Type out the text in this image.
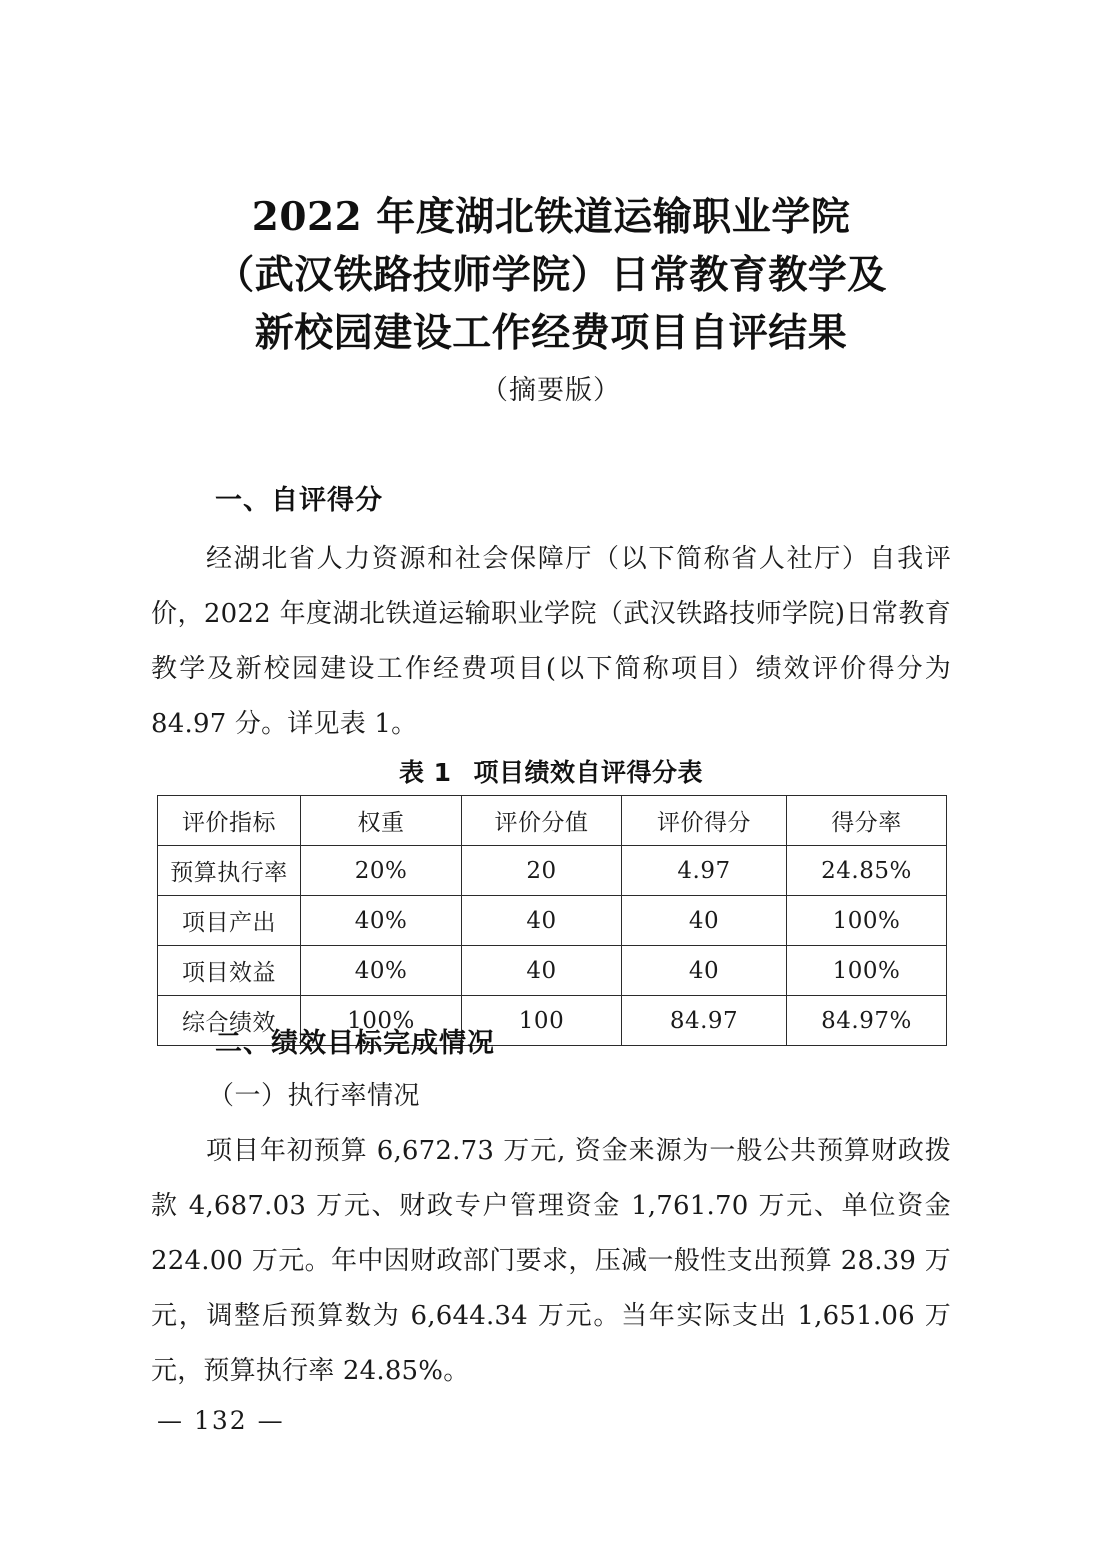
2022 年度湖北铁道运输职业学院
（武汉铁路技师学院）日常教育教学及
新校园建设工作经费项目自评结果
（摘要版）
一、自评得分
经湖北省人力资源和社会保障厅（以下简称省人社厅）自我评价，2022 年度湖北铁道运输职业学院（武汉铁路技师学院)日常教育教学及新校园建设工作经费项目(以下简称项目）绩效评价得分为 84.97 分。详见表 1。
表 1 项目绩效自评得分表
评价指标	权重	评价分值	评价得分	得分率
预算执行率	20%	20	4.97	24.85%
项目产出	40%	40	40	100%
项目效益	40%	40	40	100%
综合绩效	100%	100	84.97	84.97%
二、绩效目标完成情况
（一）执行率情况
项目年初预算 6,672.73 万元, 资金来源为一般公共预算财政拨款 4,687.03 万元、财政专户管理资金 1,761.70 万元、单位资金 224.00 万元。年中因财政部门要求，压减一般性支出预算 28.39 万元，调整后预算数为 6,644.34 万元。当年实际支出 1,651.06 万元，预算执行率 24.85%。
— 132 —
